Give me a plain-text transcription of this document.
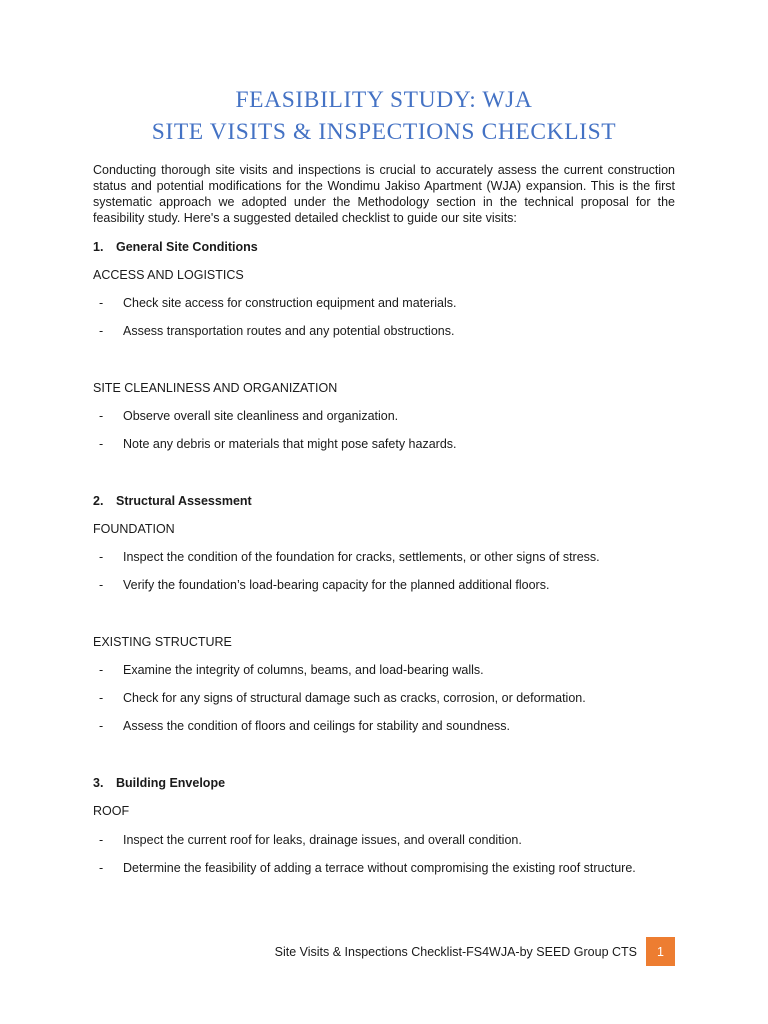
FEASIBILITY STUDY: WJA
SITE VISITS & INSPECTIONS CHECKLIST

Conducting thorough site visits and inspections is crucial to accurately assess the current construction status and potential modifications for the Wondimu Jakiso Apartment (WJA) expansion. This is the first systematic approach we adopted under the Methodology section in the technical proposal for the feasibility study. Here's a suggested detailed checklist to guide our site visits:

1. General Site Conditions
ACCESS AND LOGISTICS
- Check site access for construction equipment and materials.
- Assess transportation routes and any potential obstructions.
SITE CLEANLINESS AND ORGANIZATION
- Observe overall site cleanliness and organization.
- Note any debris or materials that might pose safety hazards.
2. Structural Assessment
FOUNDATION
- Inspect the condition of the foundation for cracks, settlements, or other signs of stress.
- Verify the foundation’s load-bearing capacity for the planned additional floors.
EXISTING STRUCTURE
- Examine the integrity of columns, beams, and load-bearing walls.
- Check for any signs of structural damage such as cracks, corrosion, or deformation.
- Assess the condition of floors and ceilings for stability and soundness.
3. Building Envelope
ROOF
- Inspect the current roof for leaks, drainage issues, and overall condition.
- Determine the feasibility of adding a terrace without compromising the existing roof structure.
Site Visits & Inspections Checklist-FS4WJA-by SEED Group CTS	1
